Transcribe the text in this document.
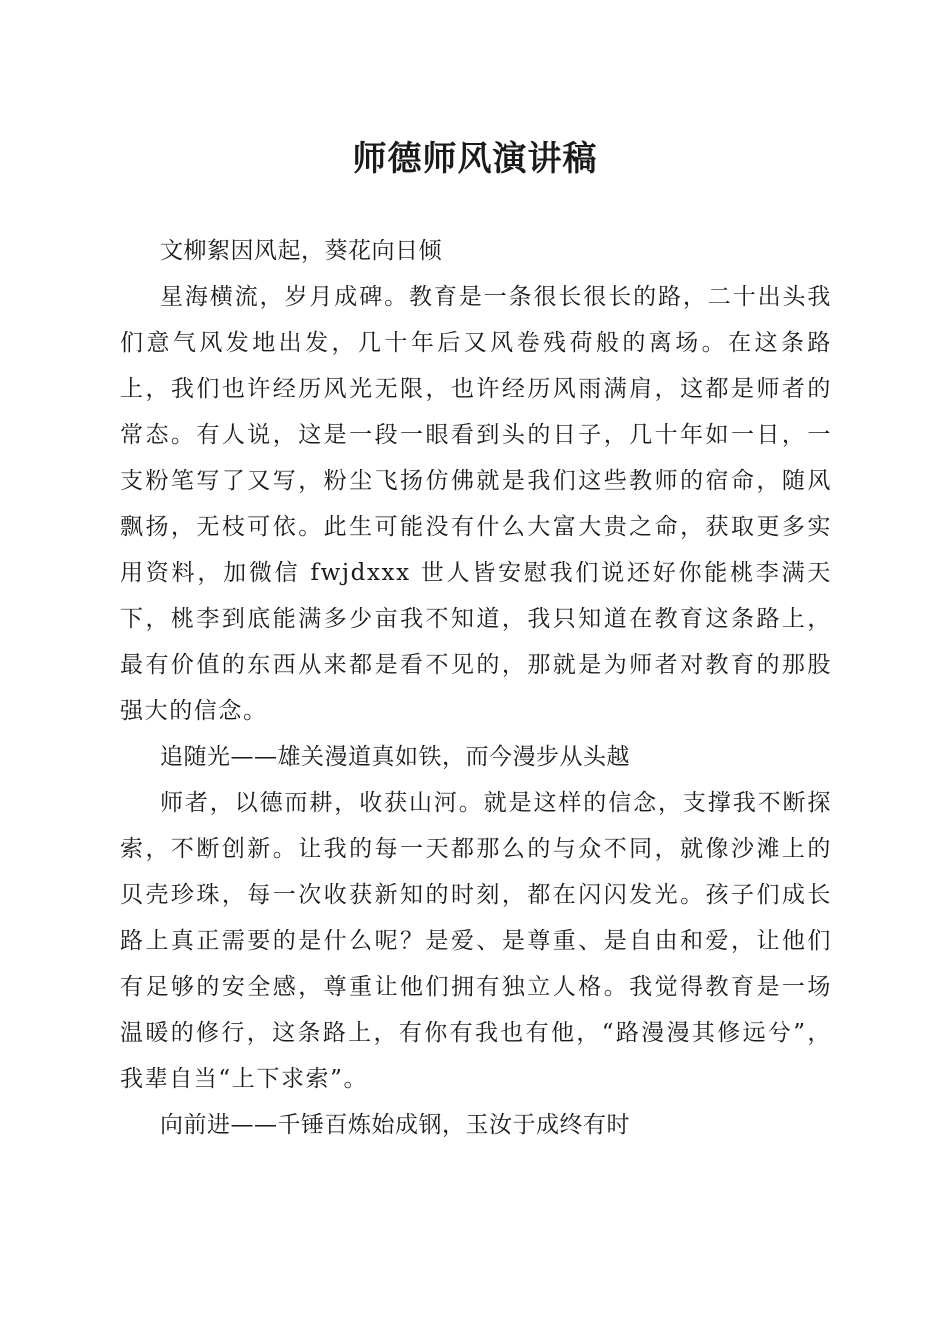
师德师风演讲稿

文柳絮因风起，葵花向日倾

星海横流，岁月成碑。教育是一条很长很长的路，二十出头我们意气风发地出发，几十年后又风卷残荷般的离场。在这条路上，我们也许经历风光无限，也许经历风雨满肩，这都是师者的常态。有人说，这是一段一眼看到头的日子，几十年如一日，一支粉笔写了又写，粉尘飞扬仿佛就是我们这些教师的宿命，随风飘扬，无枝可依。此生可能没有什么大富大贵之命，获取更多实用资料，加微信 fwjdxxx 世人皆安慰我们说还好你能桃李满天下，桃李到底能满多少亩我不知道，我只知道在教育这条路上，最有价值的东西从来都是看不见的，那就是为师者对教育的那股强大的信念。

追随光——雄关漫道真如铁，而今漫步从头越

师者，以德而耕，收获山河。就是这样的信念，支撑我不断探索，不断创新。让我的每一天都那么的与众不同，就像沙滩上的贝壳珍珠，每一次收获新知的时刻，都在闪闪发光。孩子们成长路上真正需要的是什么呢？是爱、是尊重、是自由和爱，让他们有足够的安全感，尊重让他们拥有独立人格。我觉得教育是一场温暖的修行，这条路上，有你有我也有他，“路漫漫其修远兮”，我辈自当“上下求索”。

向前进——千锤百炼始成钢，玉汝于成终有时
